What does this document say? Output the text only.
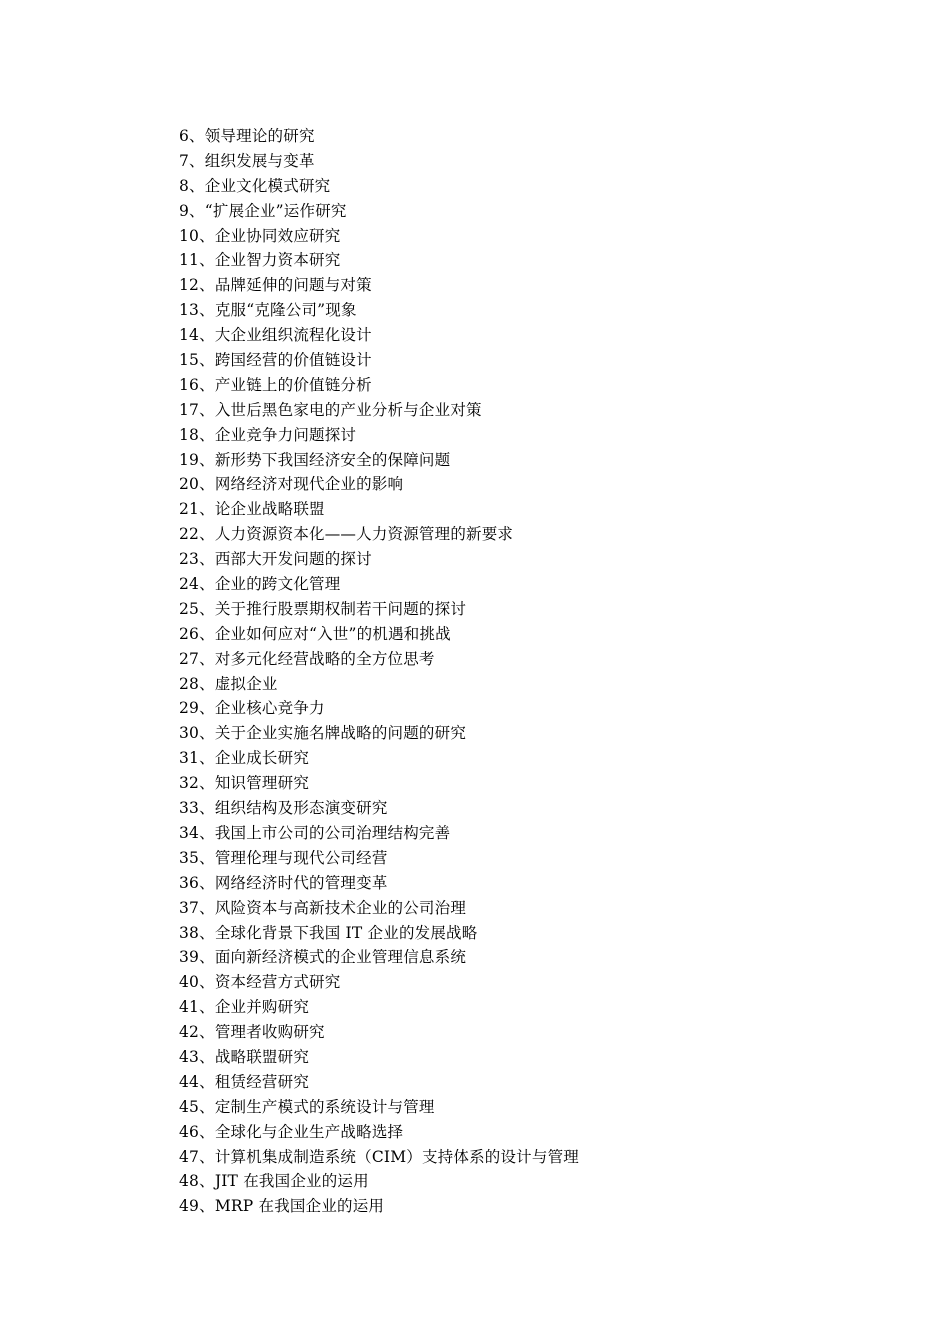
6、领导理论的研究
7、组织发展与变革
8、企业文化模式研究
9、“扩展企业”运作研究
10、企业协同效应研究
11、企业智力资本研究
12、品牌延伸的问题与对策
13、克服“克隆公司”现象
14、大企业组织流程化设计
15、跨国经营的价值链设计
16、产业链上的价值链分析
17、入世后黑色家电的产业分析与企业对策
18、企业竞争力问题探讨
19、新形势下我国经济安全的保障问题
20、网络经济对现代企业的影响
21、论企业战略联盟
22、人力资源资本化——人力资源管理的新要求
23、西部大开发问题的探讨
24、企业的跨文化管理
25、关于推行股票期权制若干问题的探讨
26、企业如何应对“入世”的机遇和挑战
27、对多元化经营战略的全方位思考
28、虚拟企业
29、企业核心竞争力
30、关于企业实施名牌战略的问题的研究
31、企业成长研究
32、知识管理研究
33、组织结构及形态演变研究
34、我国上市公司的公司治理结构完善
35、管理伦理与现代公司经营
36、网络经济时代的管理变革
37、风险资本与高新技术企业的公司治理
38、全球化背景下我国 IT 企业的发展战略
39、面向新经济模式的企业管理信息系统
40、资本经营方式研究
41、企业并购研究
42、管理者收购研究
43、战略联盟研究
44、租赁经营研究
45、定制生产模式的系统设计与管理
46、全球化与企业生产战略选择
47、计算机集成制造系统（CIM）支持体系的设计与管理
48、JIT 在我国企业的运用
49、MRP 在我国企业的运用
